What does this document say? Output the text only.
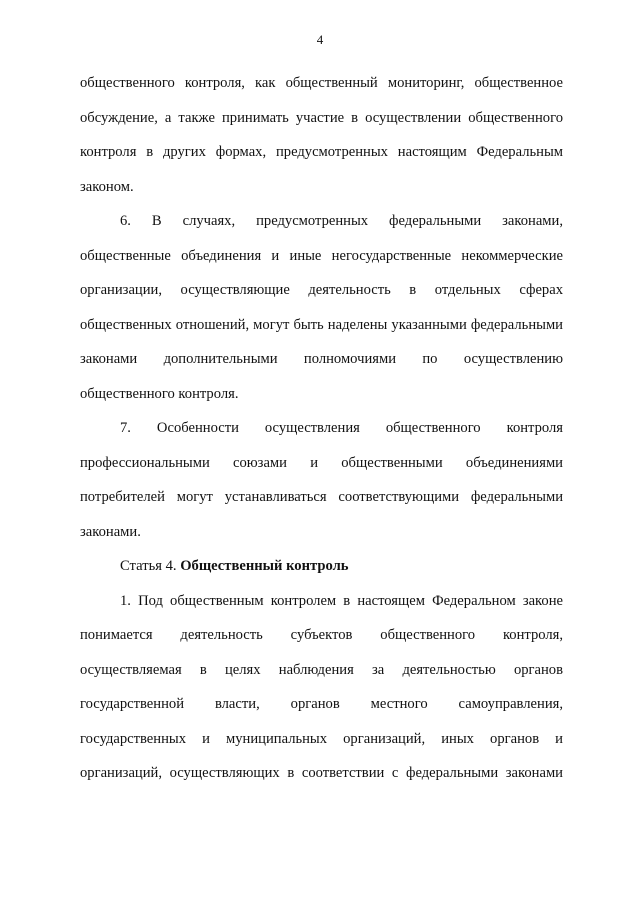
4

общественного контроля, как общественный мониторинг, общественное обсуждение, а также принимать участие в осуществлении общественного контроля в других формах, предусмотренных настоящим Федеральным законом.

6. В случаях, предусмотренных федеральными законами, общественные объединения и иные негосударственные некоммерческие организации, осуществляющие деятельность в отдельных сферах общественных отношений, могут быть наделены указанными федеральными законами дополнительными полномочиями по осуществлению общественного контроля.

7. Особенности осуществления общественного контроля профессиональными союзами и общественными объединениями потребителей могут устанавливаться соответствующими федеральными законами.

Статья 4. Общественный контроль

1. Под общественным контролем в настоящем Федеральном законе понимается деятельность субъектов общественного контроля, осуществляемая в целях наблюдения за деятельностью органов государственной власти, органов местного самоуправления, государственных и муниципальных организаций, иных органов и организаций, осуществляющих в соответствии с федеральными законами
